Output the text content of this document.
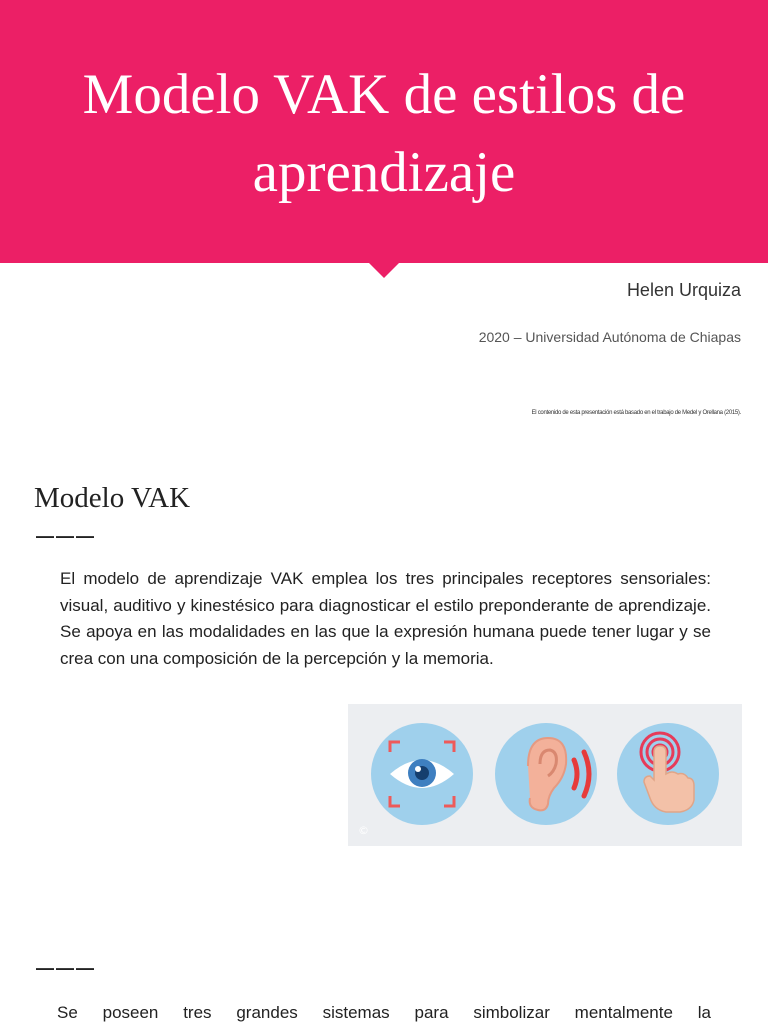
Modelo VAK de estilos de aprendizaje
Helen Urquiza
2020 – Universidad Autónoma de Chiapas
El contenido de esta presentación está basado en el trabajo de Medel y Orellana (2015).
Modelo VAK
———

El modelo de aprendizaje VAK emplea los tres principales receptores sensoriales: visual, auditivo y kinestésico para diagnosticar el estilo preponderante de aprendizaje. Se apoya en las modalidades en las que la expresión humana puede tener lugar y se crea con una composición de la percepción y la memoria.

©
———

Se poseen tres grandes sistemas para simbolizar mentalmente la
